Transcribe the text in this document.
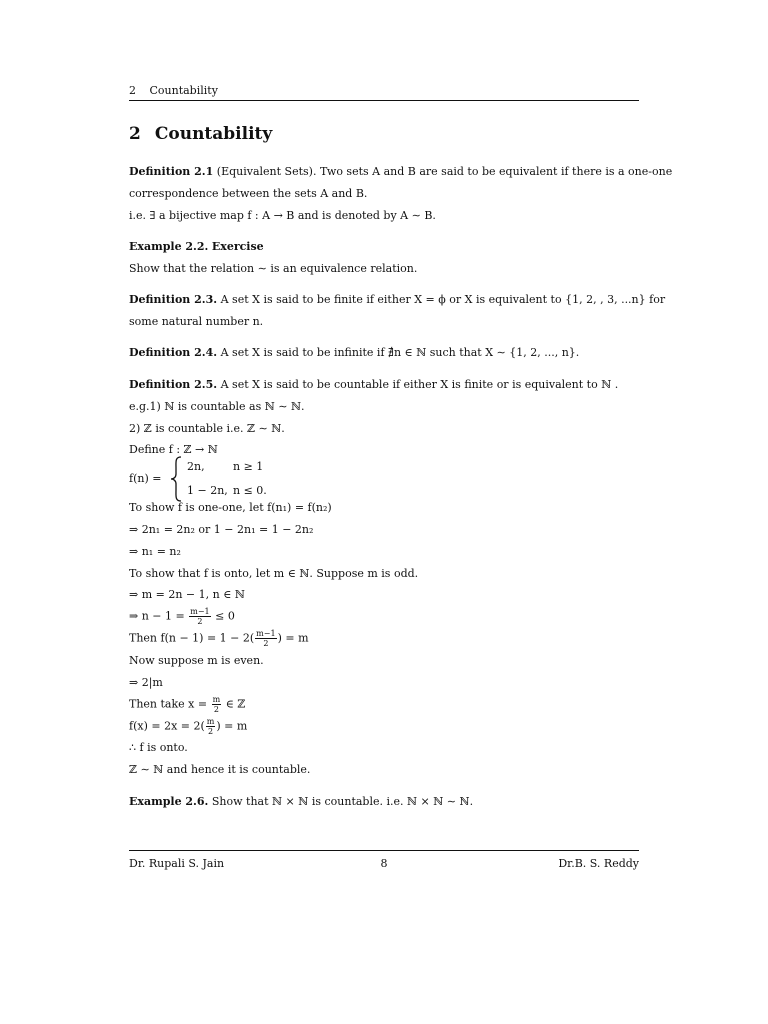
2 Countability
2 Countability
Definition 2.1 (Equivalent Sets). Two sets A and B are said to be equivalent if there is a one-one
correspondence between the sets A and B.
i.e. ∃ a bijective map f : A → B and is denoted by A ∼ B.
Example 2.2. Exercise
Show that the relation ∼ is an equivalence relation.
Definition 2.3. A set X is said to be finite if either X = ϕ or X is equivalent to {1, 2, , 3, ...n} for
some natural number n.
Definition 2.4. A set X is said to be infinite if ∄n ∈ ℕ such that X ∼ {1, 2, ..., n}.
Definition 2.5. A set X is said to be countable if either X is finite or is equivalent to ℕ .
e.g.1) ℕ is countable as ℕ ∼ ℕ.
2) ℤ is countable i.e. ℤ ∼ ℕ.
Define f : ℤ → ℕ
f(n) =
2n,	n ≥ 1
1 − 2n, n ≤ 0.
To show f is one-one, let f(n₁) = f(n₂)
⇒ 2n₁ = 2n₂ or 1 − 2n₁ = 1 − 2n₂
⇒ n₁ = n₂
To show that f is onto, let m ∈ ℕ. Suppose m is odd.
⇒ m = 2n − 1, n ∈ ℕ
⇒ $n - 1 = \frac{m-1}{2} \le 0$
Then $f(n - 1) = 1 - 2( \frac{m-1}{2}$ ) = m
Now suppose m is even.
⇒ 2|m
Then take $x = \frac{m}{2}$ ∈ ℤ
$f(x) = 2x = 2( \frac{m}{2}$ ) = m
∴ f is onto.
ℤ ∼ ℕ and hence it is countable.
Example 2.6. Show that ℕ × ℕ is countable. i.e. ℕ × ℕ ∼ ℕ.
Dr. Rupali S. Jain	8	Dr.B. S. Reddy
